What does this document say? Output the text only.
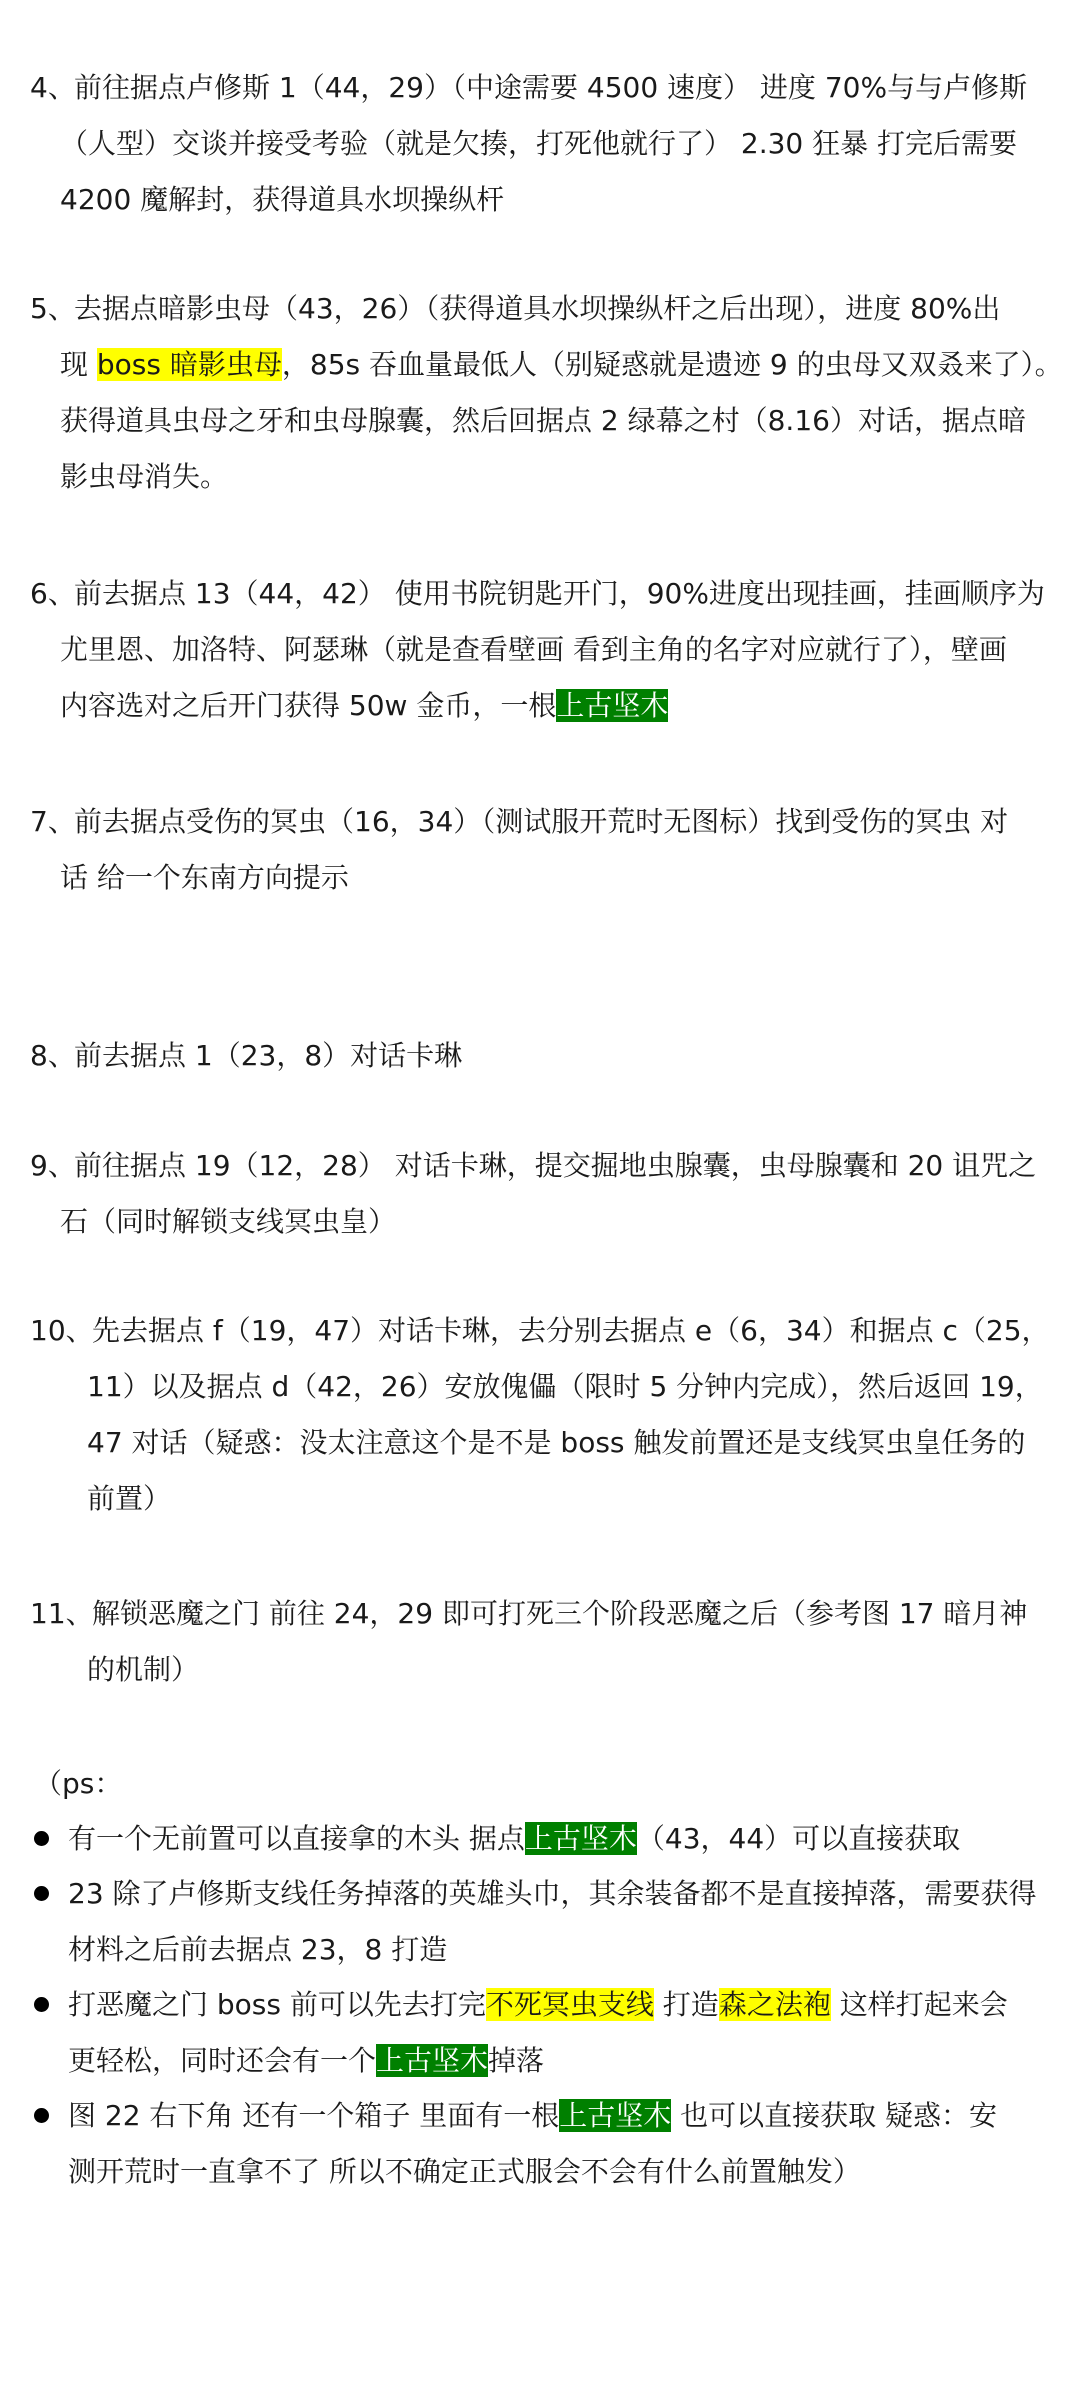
4、
前往据点卢修斯 1（44，29）（中途需要 4500 速度） 进度 70%与与卢修斯
（人型）交谈并接受考验（就是欠揍，打死他就行了） 2.30 狂暴 打完后需要
4200 魔解封，获得道具水坝操纵杆
5、
去据点暗影虫母（43，26）（获得道具水坝操纵杆之后出现），进度 80%出
现 boss 暗影虫母，85s 吞血量最低人（别疑惑就是遗迹 9 的虫母又双叒来了）。
获得道具虫母之牙和虫母腺囊，然后回据点 2 绿幕之村（8.16）对话，据点暗
影虫母消失。
6、
前去据点 13（44，42） 使用书院钥匙开门，90%进度出现挂画，挂画顺序为
尤里恩、加洛特、阿瑟琳（就是查看壁画 看到主角的名字对应就行了），壁画
内容选对之后开门获得 50w 金币，一根上古坚木
7、
前去据点受伤的冥虫（16，34）（测试服开荒时无图标）找到受伤的冥虫 对
话 给一个东南方向提示
8、
前去据点 1（23，8）对话卡琳
9、
前往据点 19（12，28） 对话卡琳，提交掘地虫腺囊，虫母腺囊和 20 诅咒之
石（同时解锁支线冥虫皇）
10、
先去据点 f（19，47）对话卡琳，去分别去据点 e（6，34）和据点 c（25，
11）以及据点 d（42，26）安放傀儡（限时 5 分钟内完成），然后返回 19，
47 对话（疑惑：没太注意这个是不是 boss 触发前置还是支线冥虫皇任务的
前置）
11、
解锁恶魔之门 前往 24，29 即可打死三个阶段恶魔之后（参考图 17 暗月神
的机制）
（ps：
有一个无前置可以直接拿的木头 据点上古坚木（43，44）可以直接获取
23 除了卢修斯支线任务掉落的英雄头巾，其余装备都不是直接掉落，需要获得
材料之后前去据点 23，8 打造
打恶魔之门 boss 前可以先去打完不死冥虫支线 打造森之法袍 这样打起来会
更轻松，同时还会有一个上古坚木掉落
图 22 右下角 还有一个箱子 里面有一根上古坚木 也可以直接获取 疑惑：安
测开荒时一直拿不了 所以不确定正式服会不会有什么前置触发）
